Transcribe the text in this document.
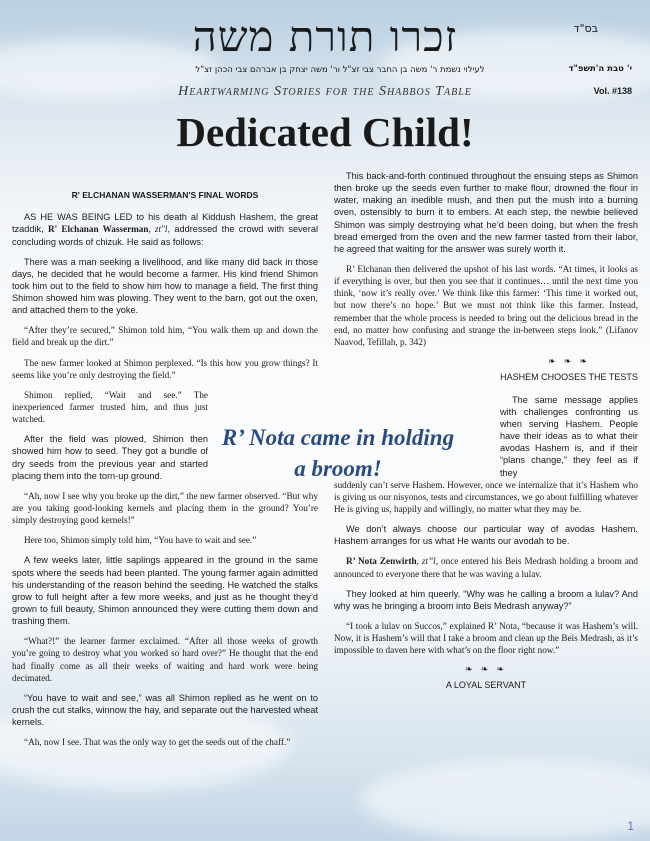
בס"ד
זכרו תורת משה
לעילוי נשמת ר' משה בן החבר צבי זצ"ל ור' משה יצחק בן אברהם צבי הכהן זצ"ל	י' טבת ה'תשפ"ד
Heartwarming Stories for the Shabbos Table	Vol. #138
Dedicated Child!
R' ELCHANAN WASSERMAN'S FINAL WORDS

AS HE WAS BEING LED to his death al Kiddush Hashem, the great tzaddik, R' Elchanan Wasserman, zt"l, addressed the crowd with several concluding words of chizuk. He said as follows:

There was a man seeking a livelihood, and like many did back in those days, he decided that he would become a farmer. His kind friend Shimon took him out to the field to show him how to manage a field. The first thing Shimon showed him was plowing. They went to the barn, got out the oxen, and attached them to the yoke.

“After they’re secured,” Shimon told him, “You walk them up and down the field and break up the dirt.”

The new farmer looked at Shimon perplexed. “Is this how you grow things? It seems like you’re only destroying the field.”

Shimon replied, “Wait and see.” The inexperienced farmer trusted him, and thus just watched.

After the field was plowed, Shimon then showed him how to seed. They got a bundle of dry seeds from the previous year and started placing them into the torn-up ground.

“Ah, now I see why you broke up the dirt,” the new farmer observed. “But why are you taking good-looking kernels and placing them in the ground? You’re simply destroying good kernels!”

Here too, Shimon simply told him, “You have to wait and see.”

A few weeks later, little saplings appeared in the ground in the same spots where the seeds had been planted. The young farmer again admitted his understanding of the reason behind the seeding. He watched the stalks grow to full height after a few more weeks, and just as he thought they’d grown to full beauty, Shimon announced they were cutting them down and trashing them.

“What?!” the learner farmer exclaimed. “After all those weeks of growth you’re going to destroy what you worked so hard over?” He thought that the end had finally come as all their weeks of waiting and hard work were being decimated.

“You have to wait and see,” was all Shimon replied as he went on to crush the cut stalks, winnow the hay, and separate out the harvested wheat kernels.

“Ah, now I see. That was the only way to get the seeds out of the chaff.”

R’ Nota came in holding a broom!

This back-and-forth continued throughout the ensuing steps as Shimon then broke up the seeds even further to make flour, drowned the flour in water, making an inedible mush, and then put the mush into a burning oven, ostensibly to burn it to embers. At each step, the newbie believed Shimon was simply destroying what he’d been doing, but when the fresh bread emerged from the oven and the new farmer tasted from their labor, he agreed that waiting for the answer was surely worth it.

R’ Elchanan then delivered the upshot of his last words. “At times, it looks as if everything is over, but then you see that it continues… until the next time you think, ‘now it’s really over.’ We think like this farmer: ‘This time it worked out, but now there’s no hope.’ But we must not think like this farmer. Instead, remember that the whole process is needed to bring out the delicious bread in the end, no matter how confusing and strange the in-between steps look.” (Lifanov Naavod, Tefillah, p. 342)

❧ ❧ ❧
HASHEM CHOOSES THE TESTS

The same message applies with challenges confronting us when serving Hashem. People have their ideas as to what their avodas Hashem is, and if their “plans change,” they feel as if they

suddenly can’t serve Hashem. However, once we internalize that it’s Hashem who is giving us our nisyonos, tests and circumstances, we go about fulfilling whatever He is giving us, happily and willingly, no matter what they may be.

We don’t always choose our particular way of avodas Hashem. Hashem arranges for us what He wants our avodah to be.

R’ Nota Zenwirth, zt”l, once entered his Beis Medrash holding a broom and announced to everyone there that he was waving a lulav.

They looked at him queerly. “Why was he calling a broom a lulav? And why was he bringing a broom into Beis Medrash anyway?”

“I took a lulav on Succos,” explained R’ Nota, “because it was Hashem’s will. Now, it is Hashem’s will that I take a broom and clean up the Beis Medrash, as it’s impossible to daven here with what’s on the floor right now.”

❧ ❧ ❧
A LOYAL SERVANT
1
